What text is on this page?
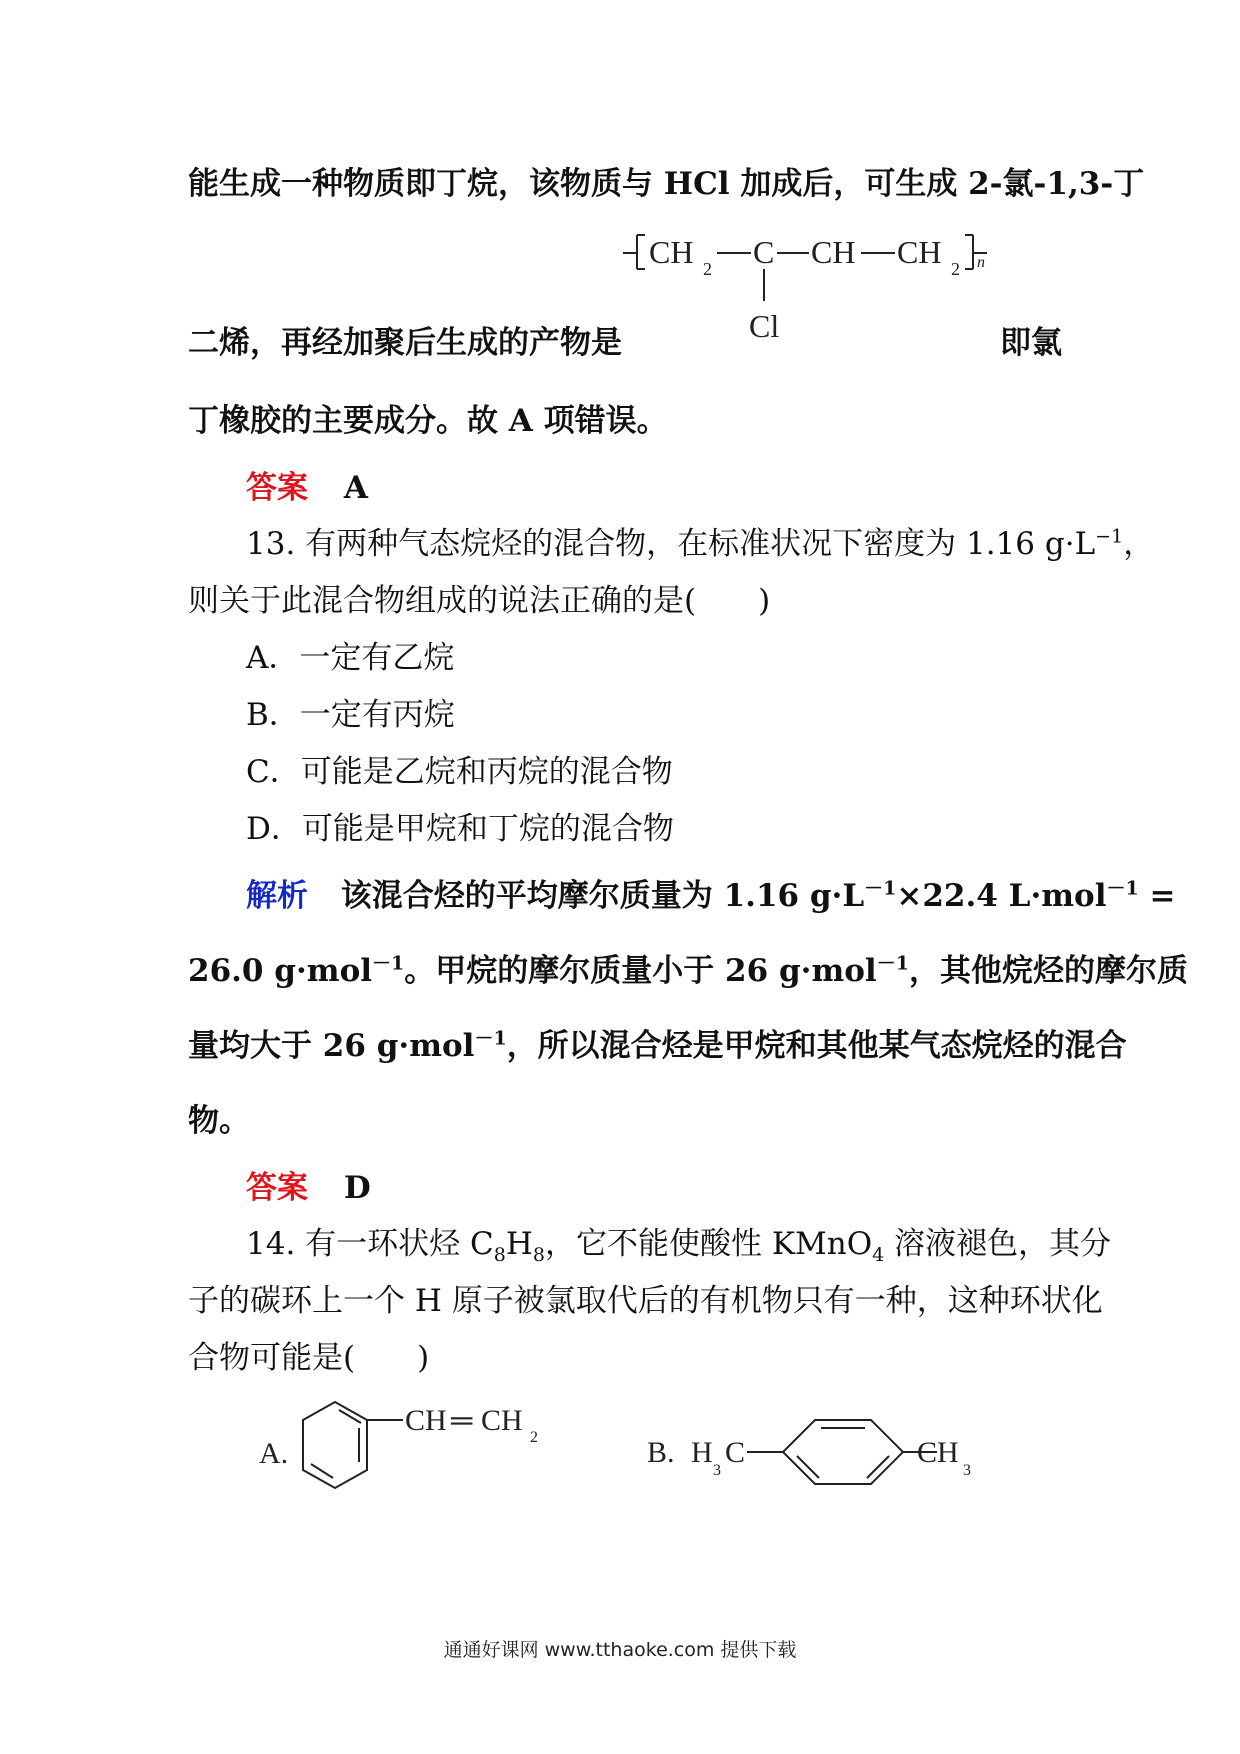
能生成一种物质即丁烷，该物质与 HCl 加成后，可生成 2-氯-1,3-丁
CH 2 C CH CH 2 n
Cl
二烯，再经加聚后生成的产物是	即氯
丁橡胶的主要成分。故 A 项错误。
答案 A
13. 有两种气态烷烃的混合物，在标准状况下密度为 1.16 $g\cdot L^{-1}$，
则关于此混合物组成的说法正确的是(　　)
A．一定有乙烷
B．一定有丙烷
C．可能是乙烷和丙烷的混合物
D．可能是甲烷和丁烷的混合物
解析 该混合烃的平均摩尔质量为 1.16 $g\cdot L^{-1}\times 22.4$ L·mol$^{-1}$ =
26.0 g·mol$^{-1}$。甲烷的摩尔质量小于 26 g·mol$^{-1}$，其他烷烃的摩尔质
量均大于 26 g·mol$^{-1}$，所以混合烃是甲烷和其他某气态烷烃的混合
物。
答案 D
14. 有一环状烃 $C_8H_8$，它不能使酸性 KMnO$_4$ 溶液褪色，其分
子的碳环上一个 H 原子被氯取代后的有机物只有一种，这种环状化
合物可能是(　　)
A.
CH ═ CH
2	B. H
3
C	CH
3
通通好课网 www.tthaoke.com 提供下载
